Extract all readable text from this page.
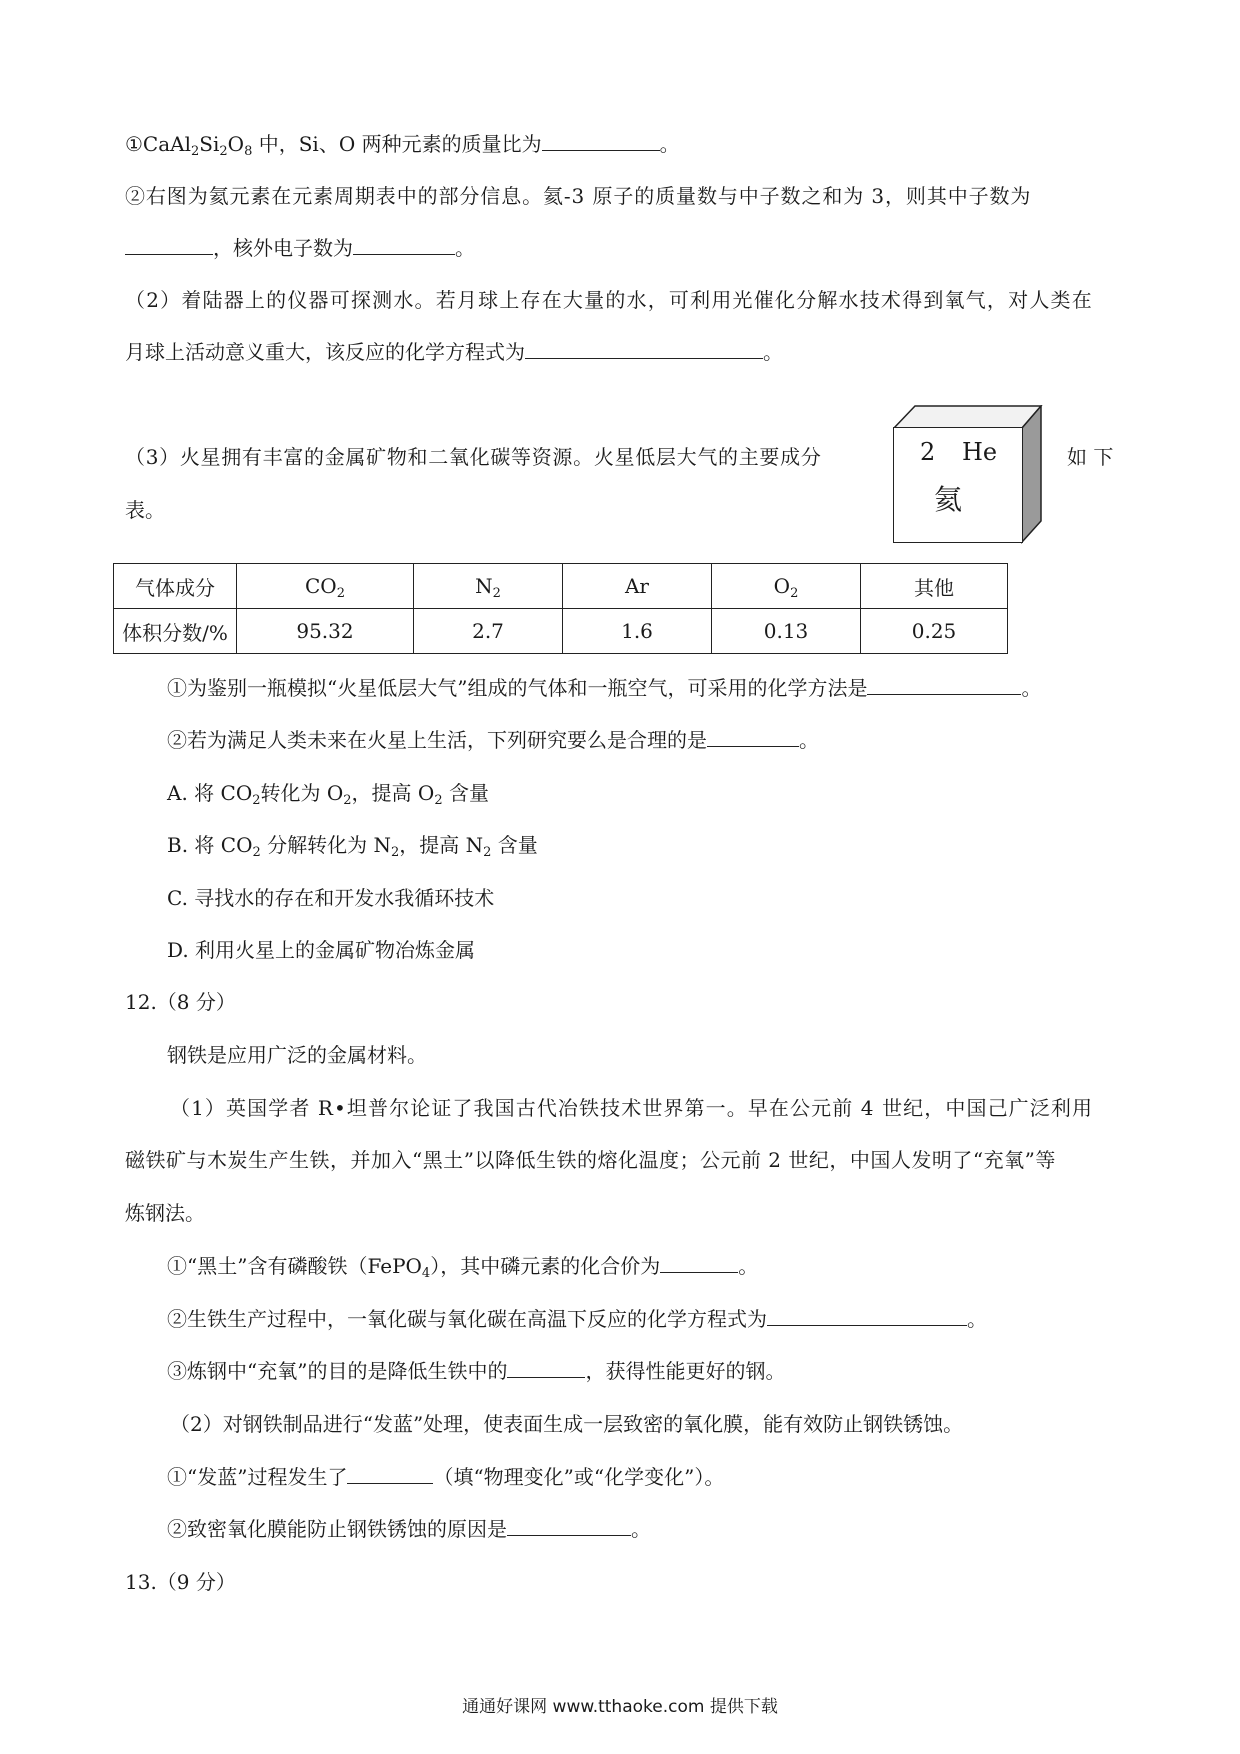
$①CaAl_2Si_2O_8$ 中，Si、O 两种元素的质量比为	。
②右图为氦元素在元素周期表中的部分信息。氦-3 原子的质量数与中子数之和为 3，则其中子数为
，核外电子数为	。
（2）着陆器上的仪器可探测水。若月球上存在大量的水，可利用光催化分解水技术得到氧气，对人类在
月球上活动意义重大，该反应的化学方程式为	。
（3）火星拥有丰富的金属矿物和二氧化碳等资源。火星低层大气的主要成分	如 下
表。
2 He
氦
气体成分	$CO_2$	$N_2$	Ar	$O_2$	其他
体积分数/%	95.32	2.7	1.6	0.13	0.25
①为鉴别一瓶模拟“火星低层大气”组成的气体和一瓶空气，可采用的化学方法是	。
②若为满足人类未来在火星上生活，下列研究要么是合理的是	。
A. 将 $CO_2$转化为 $O_2$，提高 $O_2$ 含量
B. 将 $CO_2$ 分解转化为 $N_2$，提高 $N_2$ 含量
C. 寻找水的存在和开发水我循环技术
D. 利用火星上的金属矿物冶炼金属
12.（8 分）
钢铁是应用广泛的金属材料。
（1）英国学者 R•坦普尔论证了我国古代冶铁技术世界第一。早在公元前 4 世纪，中国己广泛利用
磁铁矿与木炭生产生铁，并加入“黑土”以降低生铁的熔化温度；公元前 2 世纪，中国人发明了“充氧”等
炼钢法。
①“黑土”含有磷酸铁（FePO$_4$），其中磷元素的化合价为	。
②生铁生产过程中，一氧化碳与氧化碳在高温下反应的化学方程式为	。
③炼钢中“充氧”的目的是降低生铁中的	，获得性能更好的钢。
（2）对钢铁制品进行“发蓝”处理，使表面生成一层致密的氧化膜，能有效防止钢铁锈蚀。
①“发蓝”过程发生了	（填“物理变化”或“化学变化”）。
②致密氧化膜能防止钢铁锈蚀的原因是	。
13.（9 分）
通通好课网 www.tthaoke.com 提供下载
